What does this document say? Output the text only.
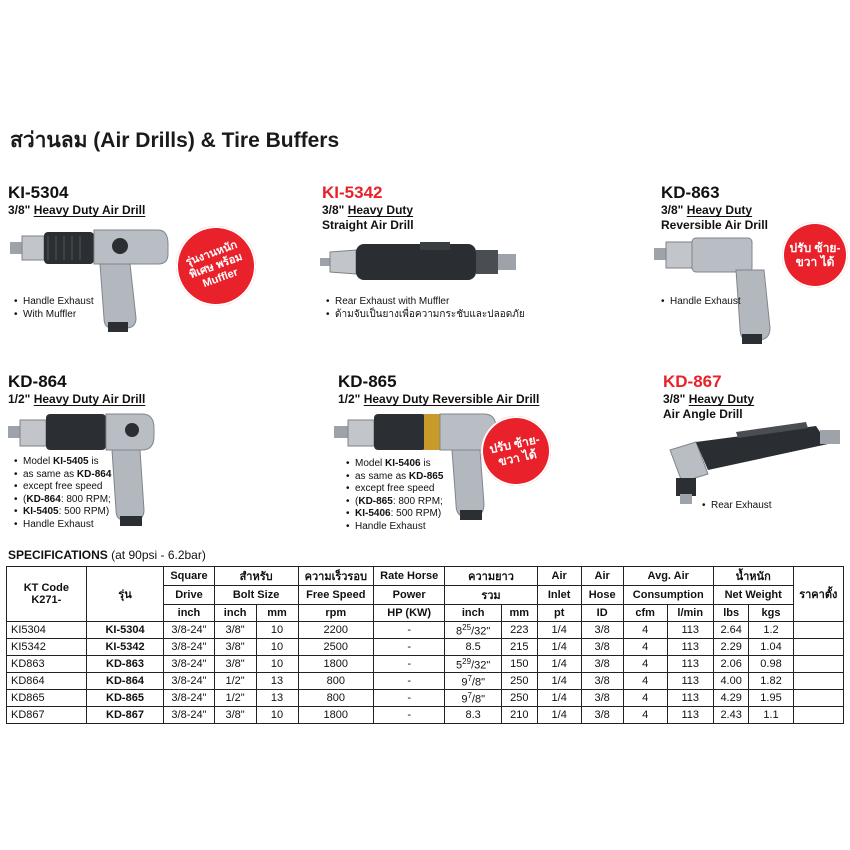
สว่านลม (Air Drills) & Tire Buffers
KI-5304
3/8" Heavy Duty Air Drill
รุ่นงานหนัก พิเศษ พร้อม Muffler
• Handle Exhaust
• With Muffler
KI-5342
3/8" Heavy Duty
Straight Air Drill
• Rear Exhaust with Muffler
• ด้ามจับเป็นยางเพื่อความกระชับและปลอดภัย
KD-863
3/8" Heavy Duty
Reversible Air Drill
ปรับ ซ้าย-ขวา ได้
• Handle Exhaust
KD-864
1/2" Heavy Duty Air Drill
• Model KI-5405 is
• as same as KD-864
• except free speed
• (KD-864: 800 RPM;
• KI-5405: 500 RPM)
• Handle Exhaust
KD-865
1/2" Heavy Duty Reversible Air Drill
ปรับ ซ้าย-ขวา ได้
• Model KI-5406 is
• as same as KD-865
• except free speed
• (KD-865: 800 RPM;
• KI-5406: 500 RPM)
• Handle Exhaust
KD-867
3/8" Heavy Duty
Air Angle Drill
• Rear Exhaust
SPECIFICATIONS (at 90psi - 6.2bar)
KT Code
K271-	รุ่น	Square	สำหรับ		ความเร็วรอบ	Rate Horse	ความยาว		Air	Air	Avg. Air		น้ำหนัก		ราคาตั้ง
		Drive	Bolt Size		Free Speed	Power	รวม		Inlet	Hose	Consumption		Net Weight		
		inch	inch	mm	rpm	HP (KW)	inch	mm	pt	ID	cfm	l/min	lbs	kgs	
KI5304	KI-5304	3/8-24"	3/8"	10	2200	-	$8^{25}/32$"	223	1/4	3/8	4	113	2.64	1.2	
KI5342	KI-5342	3/8-24"	3/8"	10	2500	-	8.5	215	1/4	3/8	4	113	2.29	1.04	
KD863	KD-863	3/8-24"	3/8"	10	1800	-	$5^{29}/32$"	150	1/4	3/8	4	113	2.06	0.98	
KD864	KD-864	3/8-24"	1/2"	13	800	-	$9^7/8$"	250	1/4	3/8	4	113	4.00	1.82	
KD865	KD-865	3/8-24"	1/2"	13	800	-	$9^7/8$"	250	1/4	3/8	4	113	4.29	1.95	
KD867	KD-867	3/8-24"	3/8"	10	1800	-	8.3	210	1/4	3/8	4	113	2.43	1.1	
